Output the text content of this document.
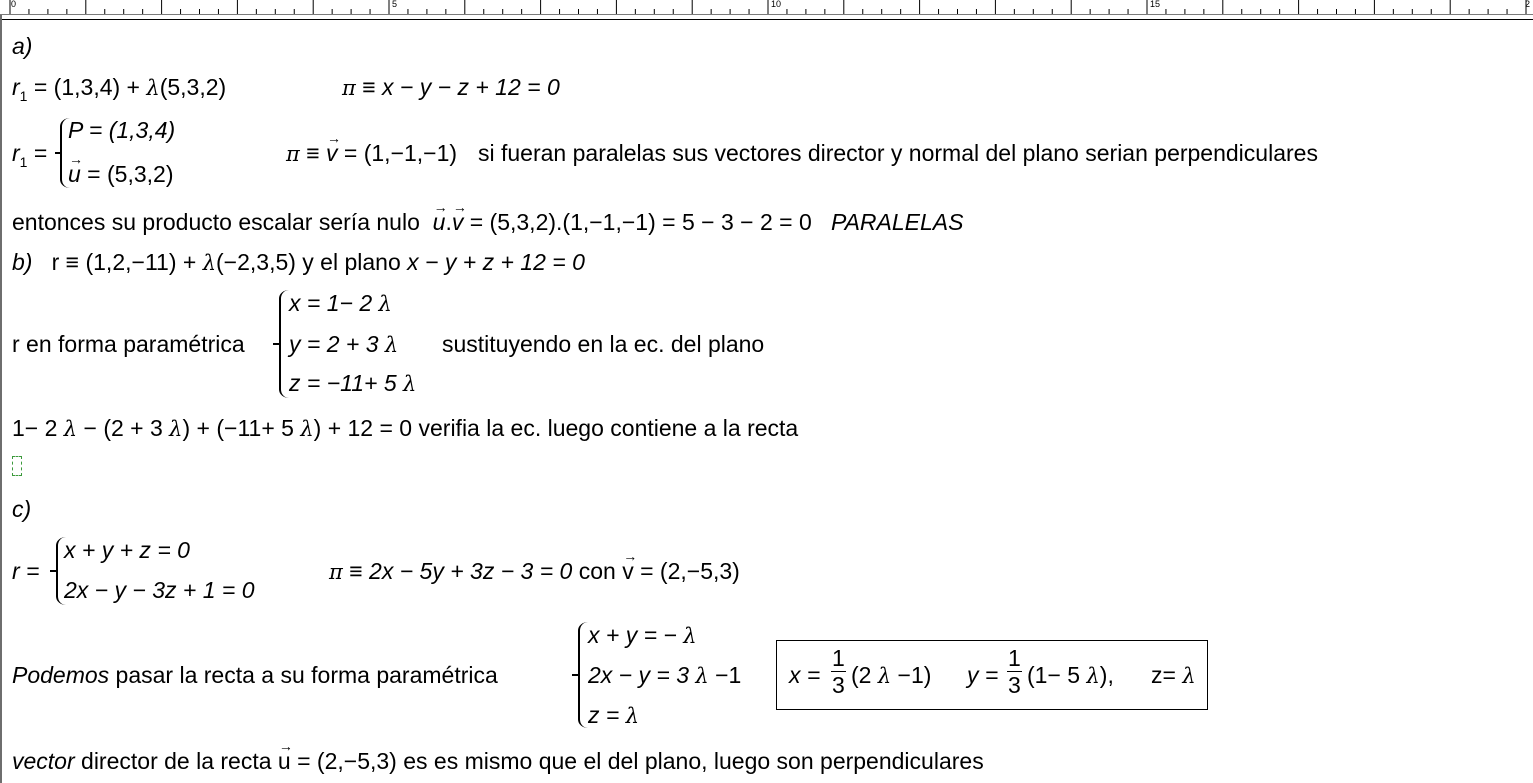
0	5	10	15	2
a)
$r_1 = (1,3,4) + \lambda(5,3,2)$	π ≡ x − y − z + 12 = 0
$r_1$ =
P = (1,3,4)
→ u = (5,3,2)
π ≡ → v = (1,−1,−1) si fueran paralelas sus vectores director y normal del plano serian perpendiculares
entonces su producto escalar sería nulo  → u.→ v = (5,3,2).(1,−1,−1) = 5 − 3 − 2 = 0 PARALELAS
b) r ≡ (1,2,−11) + λ(−2,3,5) y el plano x − y + z + 12 = 0
r en forma paramétrica
x = 1− 2 λ
y = 2 + 3 λ
z = −11+ 5 λ
sustituyendo en la ec. del plano
1− 2 λ − (2 + 3 λ) + (−11+ 5 λ) + 12 = 0 verifia la ec. luego contiene a la recta
c)
r =
x + y + z = 0
2x − y − 3z + 1 = 0
π ≡ 2x − 5y + 3z − 3 = 0 con → v = (2,−5,3)
Podemos pasar la recta a su forma paramétrica
x + y = − λ
2x − y = 3 λ −1
z = λ
$x = \frac{1}{3} (2$ λ −1) $y = \frac{1}{3} (1- 5$ λ), z= λ
vector director de la recta → u = (2,−5,3) es es mismo que el del plano, luego son perpendiculares
